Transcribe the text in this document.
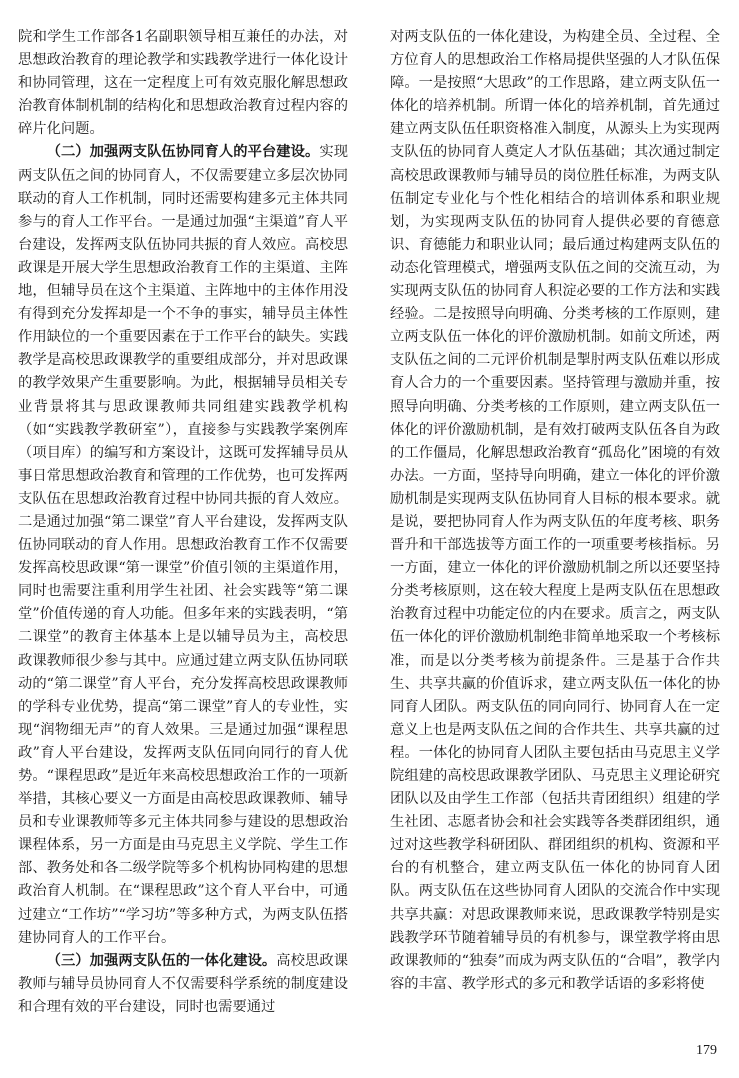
院和学生工作部各1名副职领导相互兼任的办法，对思想政治教育的理论教学和实践教学进行一体化设计和协同管理，这在一定程度上可有效克服化解思想政治教育体制机制的结构化和思想政治教育过程内容的碎片化问题。

（二）加强两支队伍协同育人的平台建设。实现两支队伍之间的协同育人，不仅需要建立多层次协同联动的育人工作机制，同时还需要构建多元主体共同参与的育人工作平台。一是通过加强“主渠道”育人平台建设，发挥两支队伍协同共振的育人效应。高校思政课是开展大学生思想政治教育工作的主渠道、主阵地，但辅导员在这个主渠道、主阵地中的主体作用没有得到充分发挥却是一个不争的事实，辅导员主体性作用缺位的一个重要因素在于工作平台的缺失。实践教学是高校思政课教学的重要组成部分，并对思政课的教学效果产生重要影响。为此，根据辅导员相关专业背景将其与思政课教师共同组建实践教学机构（如“实践教学教研室”），直接参与实践教学案例库（项目库）的编写和方案设计，这既可发挥辅导员从事日常思想政治教育和管理的工作优势，也可发挥两支队伍在思想政治教育过程中协同共振的育人效应。二是通过加强“第二课堂”育人平台建设，发挥两支队伍协同联动的育人作用。思想政治教育工作不仅需要发挥高校思政课“第一课堂”价值引领的主渠道作用，同时也需要注重利用学生社团、社会实践等“第二课堂”价值传递的育人功能。但多年来的实践表明，“第二课堂”的教育主体基本上是以辅导员为主，高校思政课教师很少参与其中。应通过建立两支队伍协同联动的“第二课堂”育人平台，充分发挥高校思政课教师的学科专业优势，提高“第二课堂”育人的专业性，实现“润物细无声”的育人效果。三是通过加强“课程思政”育人平台建设，发挥两支队伍同向同行的育人优势。“课程思政”是近年来高校思想政治工作的一项新举措，其核心要义一方面是由高校思政课教师、辅导员和专业课教师等多元主体共同参与建设的思想政治课程体系，另一方面是由马克思主义学院、学生工作部、教务处和各二级学院等多个机构协同构建的思想政治育人机制。在“课程思政”这个育人平台中，可通过建立“工作坊”“学习坊”等多种方式，为两支队伍搭建协同育人的工作平台。

（三）加强两支队伍的一体化建设。高校思政课教师与辅导员协同育人不仅需要科学系统的制度建设和合理有效的平台建设，同时也需要通过

对两支队伍的一体化建设，为构建全员、全过程、全方位育人的思想政治工作格局提供坚强的人才队伍保障。一是按照“大思政”的工作思路，建立两支队伍一体化的培养机制。所谓一体化的培养机制，首先通过建立两支队伍任职资格准入制度，从源头上为实现两支队伍的协同育人奠定人才队伍基础；其次通过制定高校思政课教师与辅导员的岗位胜任标准，为两支队伍制定专业化与个性化相结合的培训体系和职业规划，为实现两支队伍的协同育人提供必要的育德意识、育德能力和职业认同；最后通过构建两支队伍的动态化管理模式，增强两支队伍之间的交流互动，为实现两支队伍的协同育人积淀必要的工作方法和实践经验。二是按照导向明确、分类考核的工作原则，建立两支队伍一体化的评价激励机制。如前文所述，两支队伍之间的二元评价机制是掣肘两支队伍难以形成育人合力的一个重要因素。坚持管理与激励并重，按照导向明确、分类考核的工作原则，建立两支队伍一体化的评价激励机制，是有效打破两支队伍各自为政的工作僵局，化解思想政治教育“孤岛化”困境的有效办法。一方面，坚持导向明确，建立一体化的评价激励机制是实现两支队伍协同育人目标的根本要求。就是说，要把协同育人作为两支队伍的年度考核、职务晋升和干部选拔等方面工作的一项重要考核指标。另一方面，建立一体化的评价激励机制之所以还要坚持分类考核原则，这在较大程度上是两支队伍在思想政治教育过程中功能定位的内在要求。质言之，两支队伍一体化的评价激励机制绝非简单地采取一个考核标准，而是以分类考核为前提条件。三是基于合作共生、共享共赢的价值诉求，建立两支队伍一体化的协同育人团队。两支队伍的同向同行、协同育人在一定意义上也是两支队伍之间的合作共生、共享共赢的过程。一体化的协同育人团队主要包括由马克思主义学院组建的高校思政课教学团队、马克思主义理论研究团队以及由学生工作部（包括共青团组织）组建的学生社团、志愿者协会和社会实践等各类群团组织，通过对这些教学科研团队、群团组织的机构、资源和平台的有机整合，建立两支队伍一体化的协同育人团队。两支队伍在这些协同育人团队的交流合作中实现共享共赢：对思政课教师来说，思政课教学特别是实践教学环节随着辅导员的有机参与，课堂教学将由思政课教师的“独奏”而成为两支队伍的“合唱”，教学内容的丰富、教学形式的多元和教学话语的多彩将使

179
